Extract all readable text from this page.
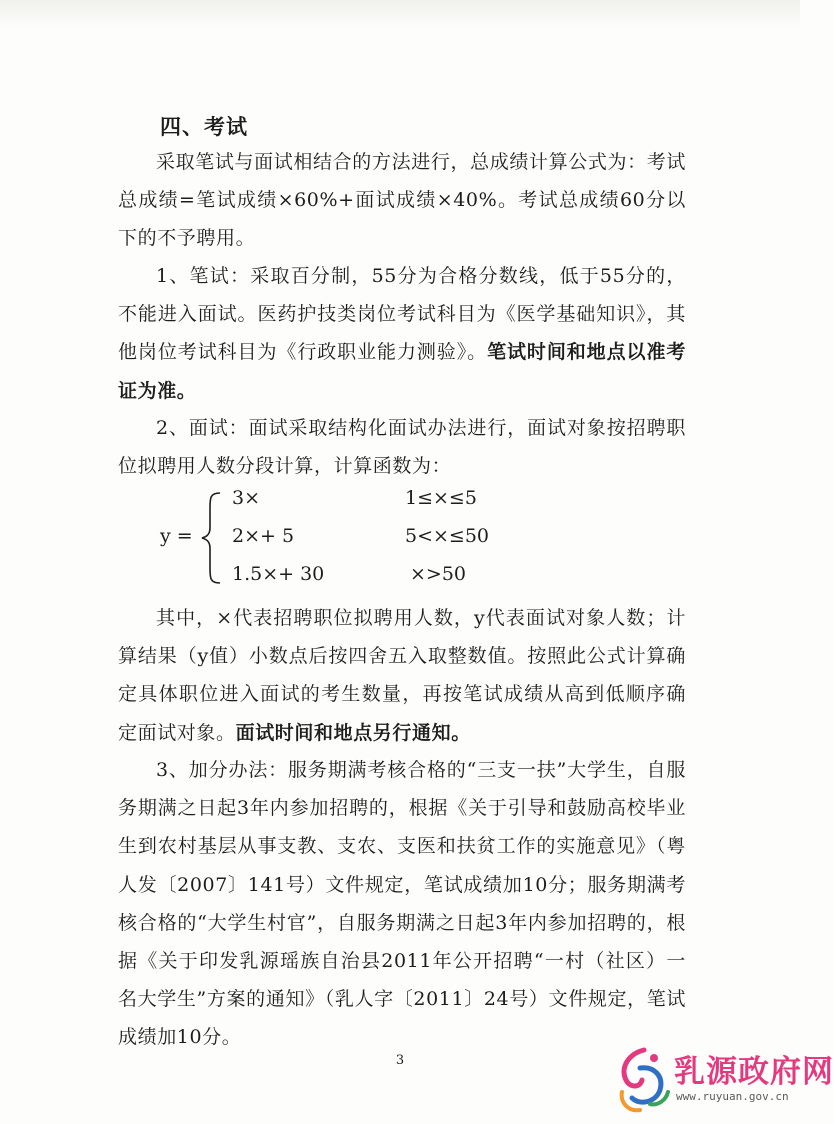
四、考试

采取笔试与面试相结合的方法进行，总成绩计算公式为：考试总成绩=笔试成绩×60%+面试成绩×40%。考试总成绩60分以下的不予聘用。

1、笔试：采取百分制，55分为合格分数线，低于55分的，不能进入面试。医药护技类岗位考试科目为《医学基础知识》，其他岗位考试科目为《行政职业能力测验》。笔试时间和地点以准考证为准。

2、面试：面试采取结构化面试办法进行，面试对象按招聘职位拟聘用人数分段计算，计算函数为：

y =
3×	1≤×≤5
2×+ 5	5<×≤50
1.5×+ 30	×>50

其中，×代表招聘职位拟聘用人数，y代表面试对象人数；计算结果（y值）小数点后按四舍五入取整数值。按照此公式计算确定具体职位进入面试的考生数量，再按笔试成绩从高到低顺序确定面试对象。面试时间和地点另行通知。

3、加分办法：服务期满考核合格的“三支一扶”大学生，自服务期满之日起3年内参加招聘的，根据《关于引导和鼓励高校毕业生到农村基层从事支教、支农、支医和扶贫工作的实施意见》（粤人发〔2007〕141号）文件规定，笔试成绩加10分；服务期满考核合格的“大学生村官”，自服务期满之日起3年内参加招聘的，根据《关于印发乳源瑶族自治县2011年公开招聘“一村（社区）一名大学生”方案的通知》（乳人字〔2011〕24号）文件规定，笔试成绩加10分。

3	乳源政府网
www.ruyuan.gov.cn
